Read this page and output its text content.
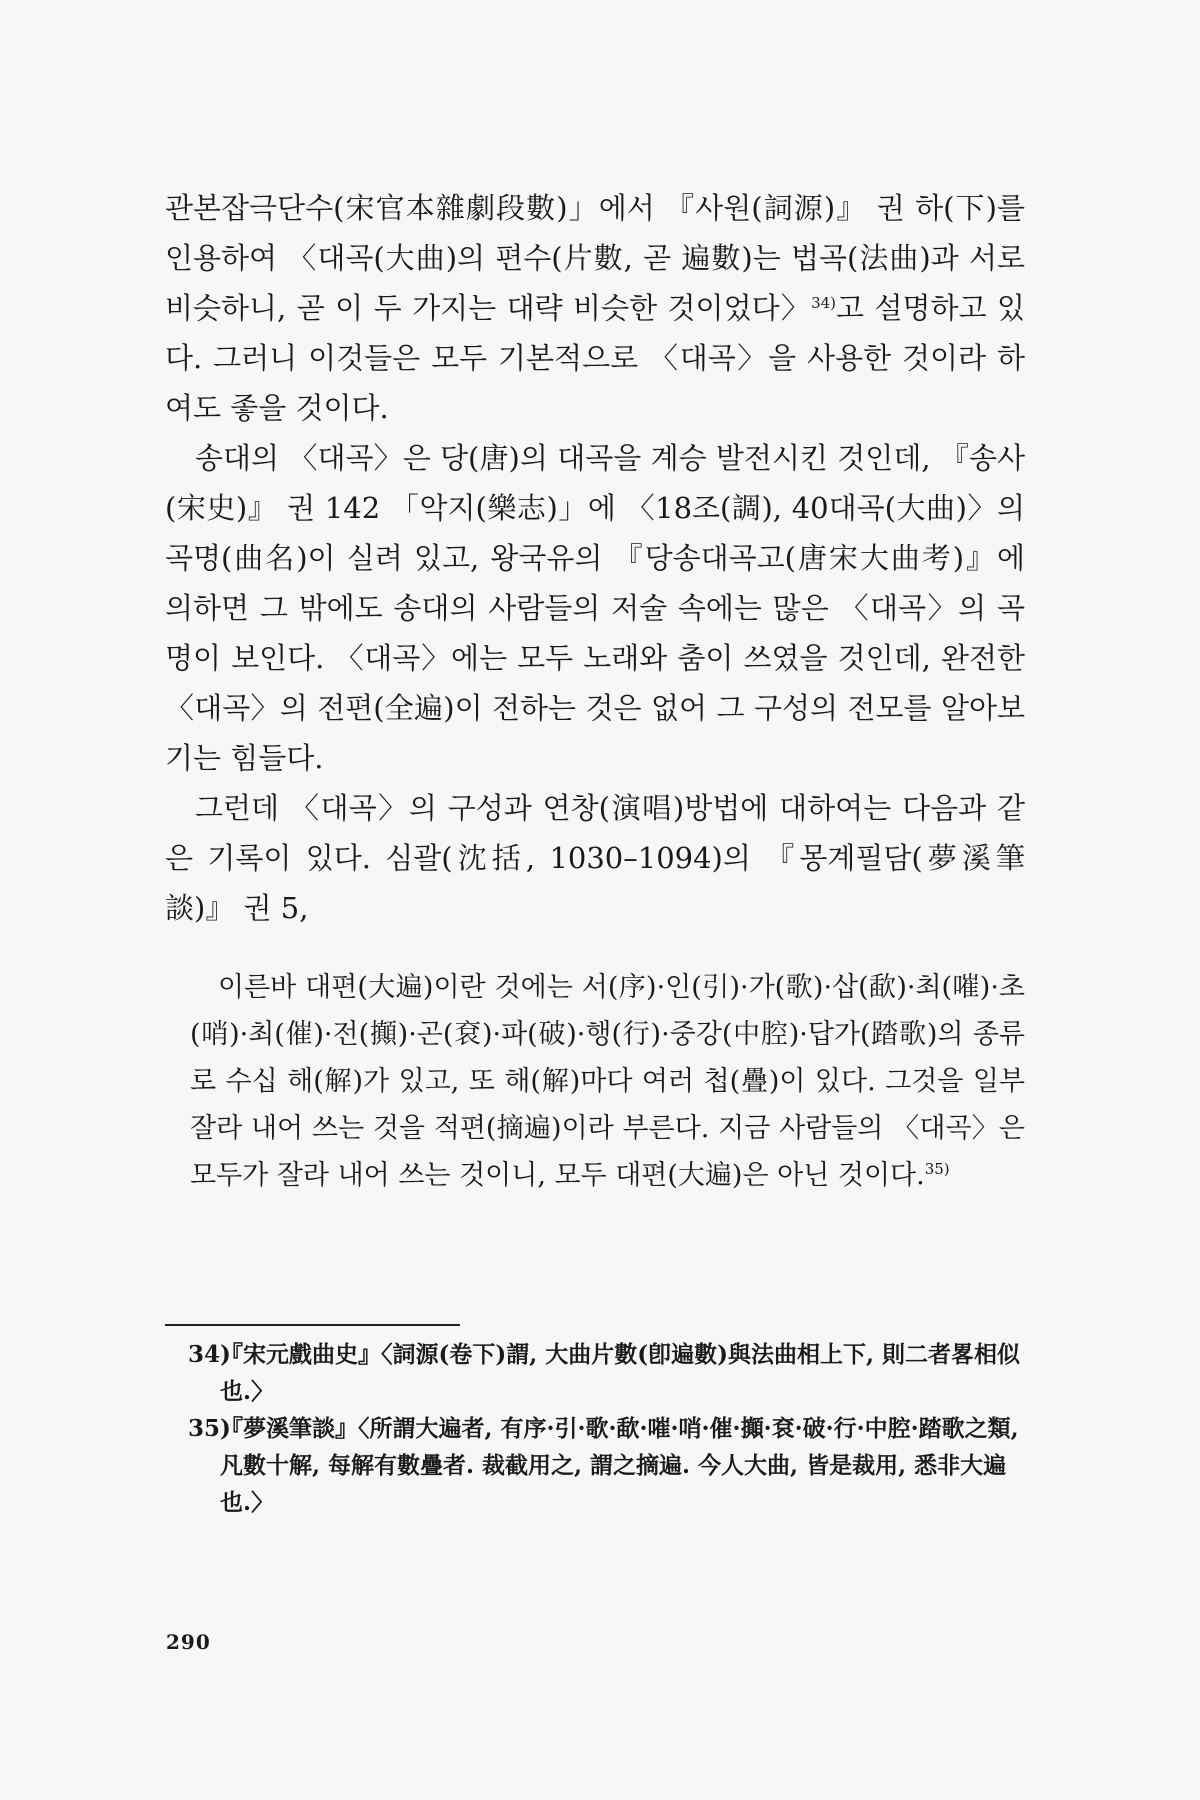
관본잡극단수(宋官本雜劇段數)」에서 『사원(詞源)』 권 하(下)를 인용하여 〈대곡(大曲)의 편수(片數, 곧 遍數)는 법곡(法曲)과 서로 비슷하니, 곧 이 두 가지는 대략 비슷한 것이었다〉$^{34)}$고 설명하고 있다. 그러니 이것들은 모두 기본적으로 〈대곡〉을 사용한 것이라 하여도 좋을 것이다.

송대의 〈대곡〉은 당(唐)의 대곡을 계승 발전시킨 것인데, 『송사(宋史)』 권 142 「악지(樂志)」에 〈18조(調), 40대곡(大曲)〉의 곡명(曲名)이 실려 있고, 왕국유의 『당송대곡고(唐宋大曲考)』에 의하면 그 밖에도 송대의 사람들의 저술 속에는 많은 〈대곡〉의 곡명이 보인다. 〈대곡〉에는 모두 노래와 춤이 쓰였을 것인데, 완전한 〈대곡〉의 전편(全遍)이 전하는 것은 없어 그 구성의 전모를 알아보기는 힘들다.

그런데 〈대곡〉의 구성과 연창(演唱)방법에 대하여는 다음과 같은 기록이 있다. 심괄(沈括, 1030–1094)의 『몽계필담(夢溪筆談)』 권 5,

이른바 대편(大遍)이란 것에는 서(序)·인(引)·가(歌)·삽(歃)·최(嗺)·초(哨)·최(催)·전(攧)·곤(袞)·파(破)·행(行)·중강(中腔)·답가(踏歌)의 종류로 수십 해(解)가 있고, 또 해(解)마다 여러 첩(疊)이 있다. 그것을 일부 잘라 내어 쓰는 것을 적편(摘遍)이라 부른다. 지금 사람들의 〈대곡〉은 모두가 잘라 내어 쓰는 것이니, 모두 대편(大遍)은 아닌 것이다.$^{35)}$

34)
『宋元戲曲史』〈詞源(卷下)謂, 大曲片數(卽遍數)與法曲相上下, 則二者畧相似也.〉

35)
『夢溪筆談』〈所謂大遍者, 有序·引·歌·歃·嗺·哨·催·攧·袞·破·行·中腔·踏歌之類, 凡數十解, 每解有數疊者. 裁截用之, 謂之摘遍. 今人大曲, 皆是裁用, 悉非大遍也.〉

290
